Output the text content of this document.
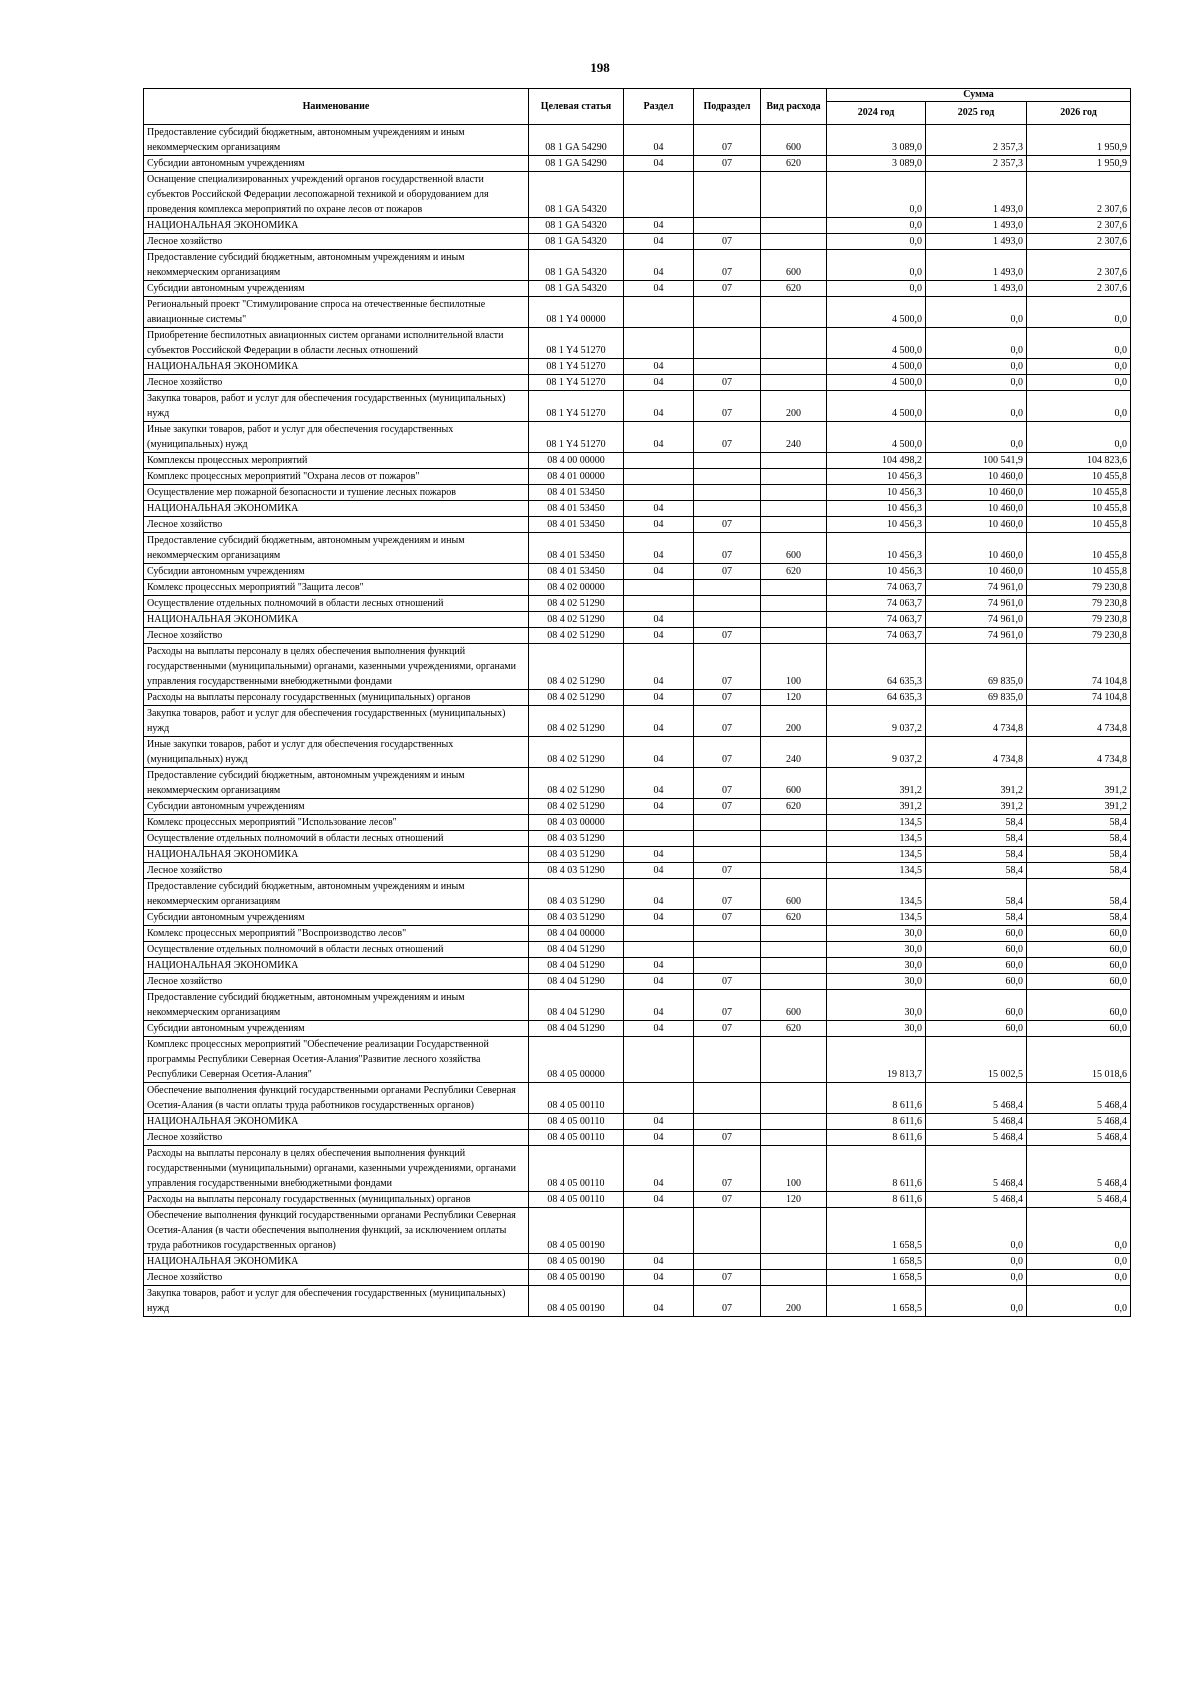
198
Наименование	Целевая статья	Раздел	Подраздел	Вид расхода	Сумма		
					2024 год	2025 год	2026 год
Предоставление субсидий бюджетным, автономным учреждениям и иным некоммерческим организациям	08 1 GA 54290	04	07	600	3 089,0	2 357,3	1 950,9
Субсидии автономным учреждениям	08 1 GA 54290	04	07	620	3 089,0	2 357,3	1 950,9
Оснащение специализированных учреждений органов государственной власти субъектов Российской Федерации лесопожарной техникой и оборудованием для проведения комплекса мероприятий по охране лесов от пожаров	08 1 GA 54320				0,0	1 493,0	2 307,6
НАЦИОНАЛЬНАЯ ЭКОНОМИКА	08 1 GA 54320	04			0,0	1 493,0	2 307,6
Лесное хозяйство	08 1 GA 54320	04	07		0,0	1 493,0	2 307,6
Предоставление субсидий бюджетным, автономным учреждениям и иным некоммерческим организациям	08 1 GA 54320	04	07	600	0,0	1 493,0	2 307,6
Субсидии автономным учреждениям	08 1 GA 54320	04	07	620	0,0	1 493,0	2 307,6
Региональный проект "Стимулирование спроса на отечественные беспилотные авиационные системы"	08 1 Y4 00000				4 500,0	0,0	0,0
Приобретение беспилотных авиационных систем органами исполнительной власти субъектов Российской Федерации в области лесных отношений	08 1 Y4 51270				4 500,0	0,0	0,0
НАЦИОНАЛЬНАЯ ЭКОНОМИКА	08 1 Y4 51270	04			4 500,0	0,0	0,0
Лесное хозяйство	08 1 Y4 51270	04	07		4 500,0	0,0	0,0
Закупка товаров, работ и услуг для обеспечения государственных (муниципальных) нужд	08 1 Y4 51270	04	07	200	4 500,0	0,0	0,0
Иные закупки товаров, работ и услуг для обеспечения государственных (муниципальных) нужд	08 1 Y4 51270	04	07	240	4 500,0	0,0	0,0
Комплексы процессных мероприятий	08 4 00 00000				104 498,2	100 541,9	104 823,6
Комплекс процессных мероприятий "Охрана лесов от пожаров"	08 4 01 00000				10 456,3	10 460,0	10 455,8
Осуществление мер пожарной безопасности и тушение лесных пожаров	08 4 01 53450				10 456,3	10 460,0	10 455,8
НАЦИОНАЛЬНАЯ ЭКОНОМИКА	08 4 01 53450	04			10 456,3	10 460,0	10 455,8
Лесное хозяйство	08 4 01 53450	04	07		10 456,3	10 460,0	10 455,8
Предоставление субсидий бюджетным, автономным учреждениям и иным некоммерческим организациям	08 4 01 53450	04	07	600	10 456,3	10 460,0	10 455,8
Субсидии автономным учреждениям	08 4 01 53450	04	07	620	10 456,3	10 460,0	10 455,8
Комлекс процессных мероприятий "Защита лесов"	08 4 02 00000				74 063,7	74 961,0	79 230,8
Осуществление отдельных полномочий в области лесных отношений	08 4 02 51290				74 063,7	74 961,0	79 230,8
НАЦИОНАЛЬНАЯ ЭКОНОМИКА	08 4 02 51290	04			74 063,7	74 961,0	79 230,8
Лесное хозяйство	08 4 02 51290	04	07		74 063,7	74 961,0	79 230,8
Расходы на выплаты персоналу в целях обеспечения выполнения функций государственными (муниципальными) органами, казенными учреждениями, органами управления государственными внебюджетными фондами	08 4 02 51290	04	07	100	64 635,3	69 835,0	74 104,8
Расходы на выплаты персоналу государственных (муниципальных) органов	08 4 02 51290	04	07	120	64 635,3	69 835,0	74 104,8
Закупка товаров, работ и услуг для обеспечения государственных (муниципальных) нужд	08 4 02 51290	04	07	200	9 037,2	4 734,8	4 734,8
Иные закупки товаров, работ и услуг для обеспечения государственных (муниципальных) нужд	08 4 02 51290	04	07	240	9 037,2	4 734,8	4 734,8
Предоставление субсидий бюджетным, автономным учреждениям и иным некоммерческим организациям	08 4 02 51290	04	07	600	391,2	391,2	391,2
Субсидии автономным учреждениям	08 4 02 51290	04	07	620	391,2	391,2	391,2
Комлекс процессных мероприятий "Использование лесов"	08 4 03 00000				134,5	58,4	58,4
Осуществление отдельных полномочий в области лесных отношений	08 4 03 51290				134,5	58,4	58,4
НАЦИОНАЛЬНАЯ ЭКОНОМИКА	08 4 03 51290	04			134,5	58,4	58,4
Лесное хозяйство	08 4 03 51290	04	07		134,5	58,4	58,4
Предоставление субсидий бюджетным, автономным учреждениям и иным некоммерческим организациям	08 4 03 51290	04	07	600	134,5	58,4	58,4
Субсидии автономным учреждениям	08 4 03 51290	04	07	620	134,5	58,4	58,4
Комлекс процессных мероприятий "Воспроизводство лесов"	08 4 04 00000				30,0	60,0	60,0
Осуществление отдельных полномочий в области лесных отношений	08 4 04 51290				30,0	60,0	60,0
НАЦИОНАЛЬНАЯ ЭКОНОМИКА	08 4 04 51290	04			30,0	60,0	60,0
Лесное хозяйство	08 4 04 51290	04	07		30,0	60,0	60,0
Предоставление субсидий бюджетным, автономным учреждениям и иным некоммерческим организациям	08 4 04 51290	04	07	600	30,0	60,0	60,0
Субсидии автономным учреждениям	08 4 04 51290	04	07	620	30,0	60,0	60,0
Комплекс процессных мероприятий "Обеспечение реализации Государственной программы Республики Северная Осетия-Алания"Развитие лесного хозяйства Республики Северная Осетия-Алания"	08 4 05 00000				19 813,7	15 002,5	15 018,6
Обеспечение выполнения функций государственными органами Республики Северная Осетия-Алания (в части оплаты труда работников государственных органов)	08 4 05 00110				8 611,6	5 468,4	5 468,4
НАЦИОНАЛЬНАЯ ЭКОНОМИКА	08 4 05 00110	04			8 611,6	5 468,4	5 468,4
Лесное хозяйство	08 4 05 00110	04	07		8 611,6	5 468,4	5 468,4
Расходы на выплаты персоналу в целях обеспечения выполнения функций государственными (муниципальными) органами, казенными учреждениями, органами управления государственными внебюджетными фондами	08 4 05 00110	04	07	100	8 611,6	5 468,4	5 468,4
Расходы на выплаты персоналу государственных (муниципальных) органов	08 4 05 00110	04	07	120	8 611,6	5 468,4	5 468,4
Обеспечение выполнения функций государственными органами Республики Северная Осетия-Алания (в части обеспечения выполнения функций, за исключением оплаты труда работников государственных органов)	08 4 05 00190				1 658,5	0,0	0,0
НАЦИОНАЛЬНАЯ ЭКОНОМИКА	08 4 05 00190	04			1 658,5	0,0	0,0
Лесное хозяйство	08 4 05 00190	04	07		1 658,5	0,0	0,0
Закупка товаров, работ и услуг для обеспечения государственных (муниципальных) нужд	08 4 05 00190	04	07	200	1 658,5	0,0	0,0
